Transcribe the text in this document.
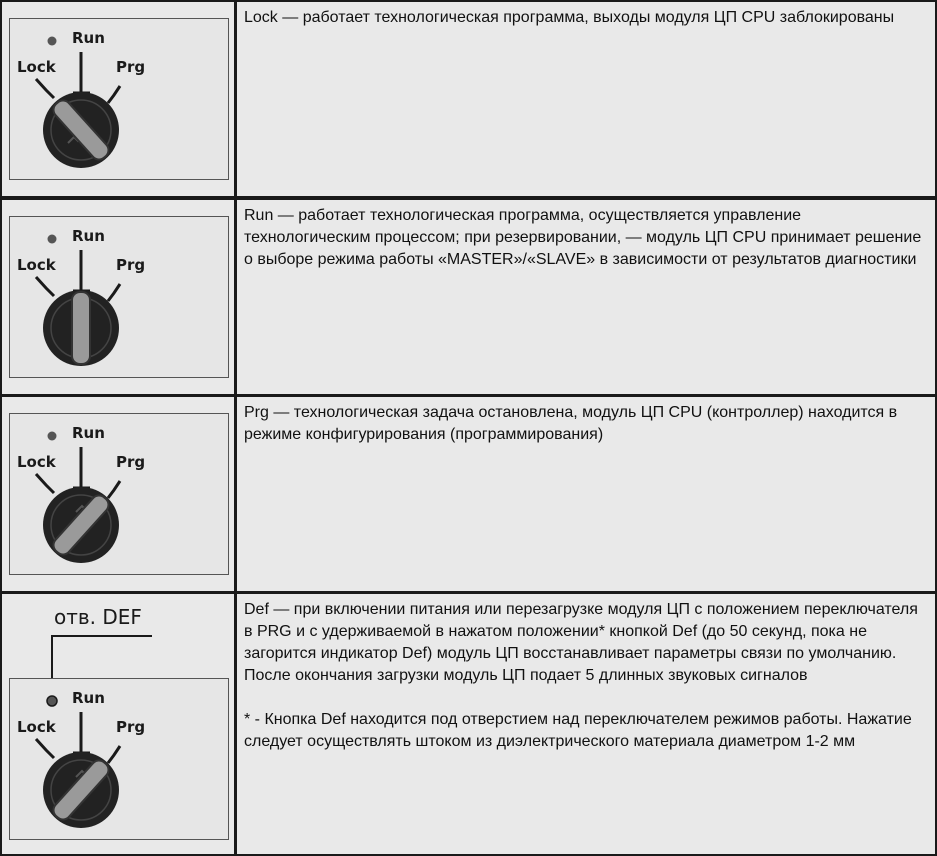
Run
Lock	Prg

Lock — работает технологическая программа, выходы модуля ЦП CPU заблокированы

Run
Lock	Prg

Run — работает технологическая программа, осуществляется управление технологическим процессом; при резервировании, — модуль ЦП CPU принимает решение о выборе режима работы «MASTER»/«SLAVE» в зависимости от результатов диагностики

Run
Lock	Prg

Prg — технологическая задача остановлена, модуль ЦП CPU (контроллер) находится в режиме конфигурирования (программирования)

отв. DEF
Run
Lock	Prg

Def — при включении питания или перезагрузке модуля ЦП с положением переключателя в PRG и с удерживаемой в нажатом положении* кнопкой Def (до 50 секунд, пока не загорится индикатор Def) модуль ЦП восстанавливает параметры связи по умолчанию. После окончания загрузки модуль ЦП подает 5 длинных звуковых сигналов

* - Кнопка Def находится под отверстием над переключателем режимов работы. Нажатие следует осуществлять штоком из диэлектрического материала диаметром 1-2 мм
